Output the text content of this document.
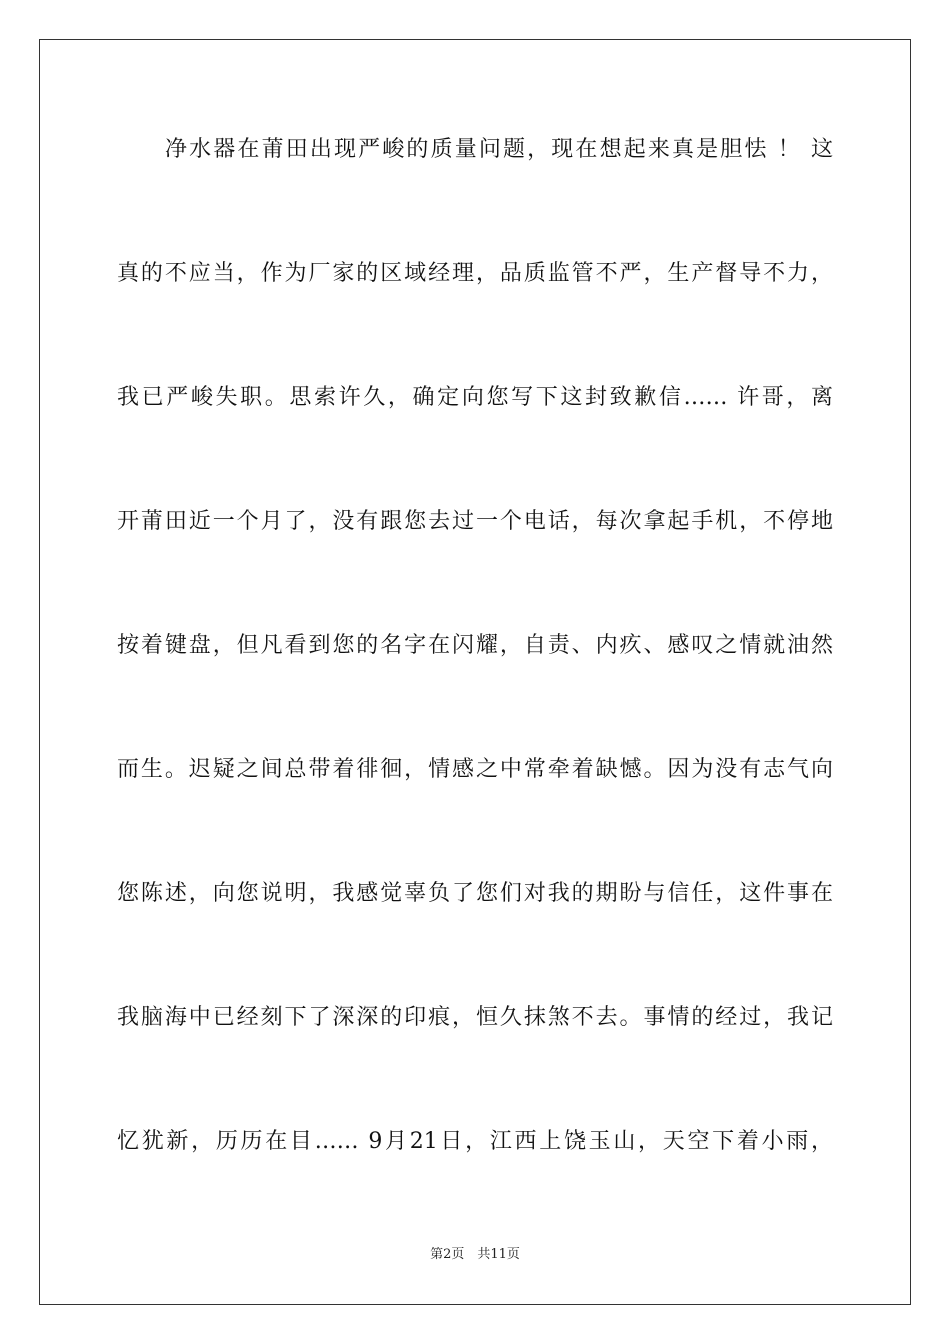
净水器在莆田出现严峻的质量问题，现在想起来真是胆怯 ！ 这
真的不应当，作为厂家的区域经理，品质监管不严，生产督导不力，
我已严峻失职。思索许久，确定向您写下这封致歉信…… 许哥，离
开莆田近一个月了，没有跟您去过一个电话，每次拿起手机，不停地
按着键盘，但凡看到您的名字在闪耀，自责、内疚、感叹之情就油然
而生。迟疑之间总带着徘徊，情感之中常牵着缺憾。因为没有志气向
您陈述，向您说明，我感觉辜负了您们对我的期盼与信任，这件事在
我脑海中已经刻下了深深的印痕，恒久抹煞不去。事情的经过，我记
忆犹新，历历在目…… 9月21日，江西上饶玉山，天空下着小雨，
第2页　共11页
